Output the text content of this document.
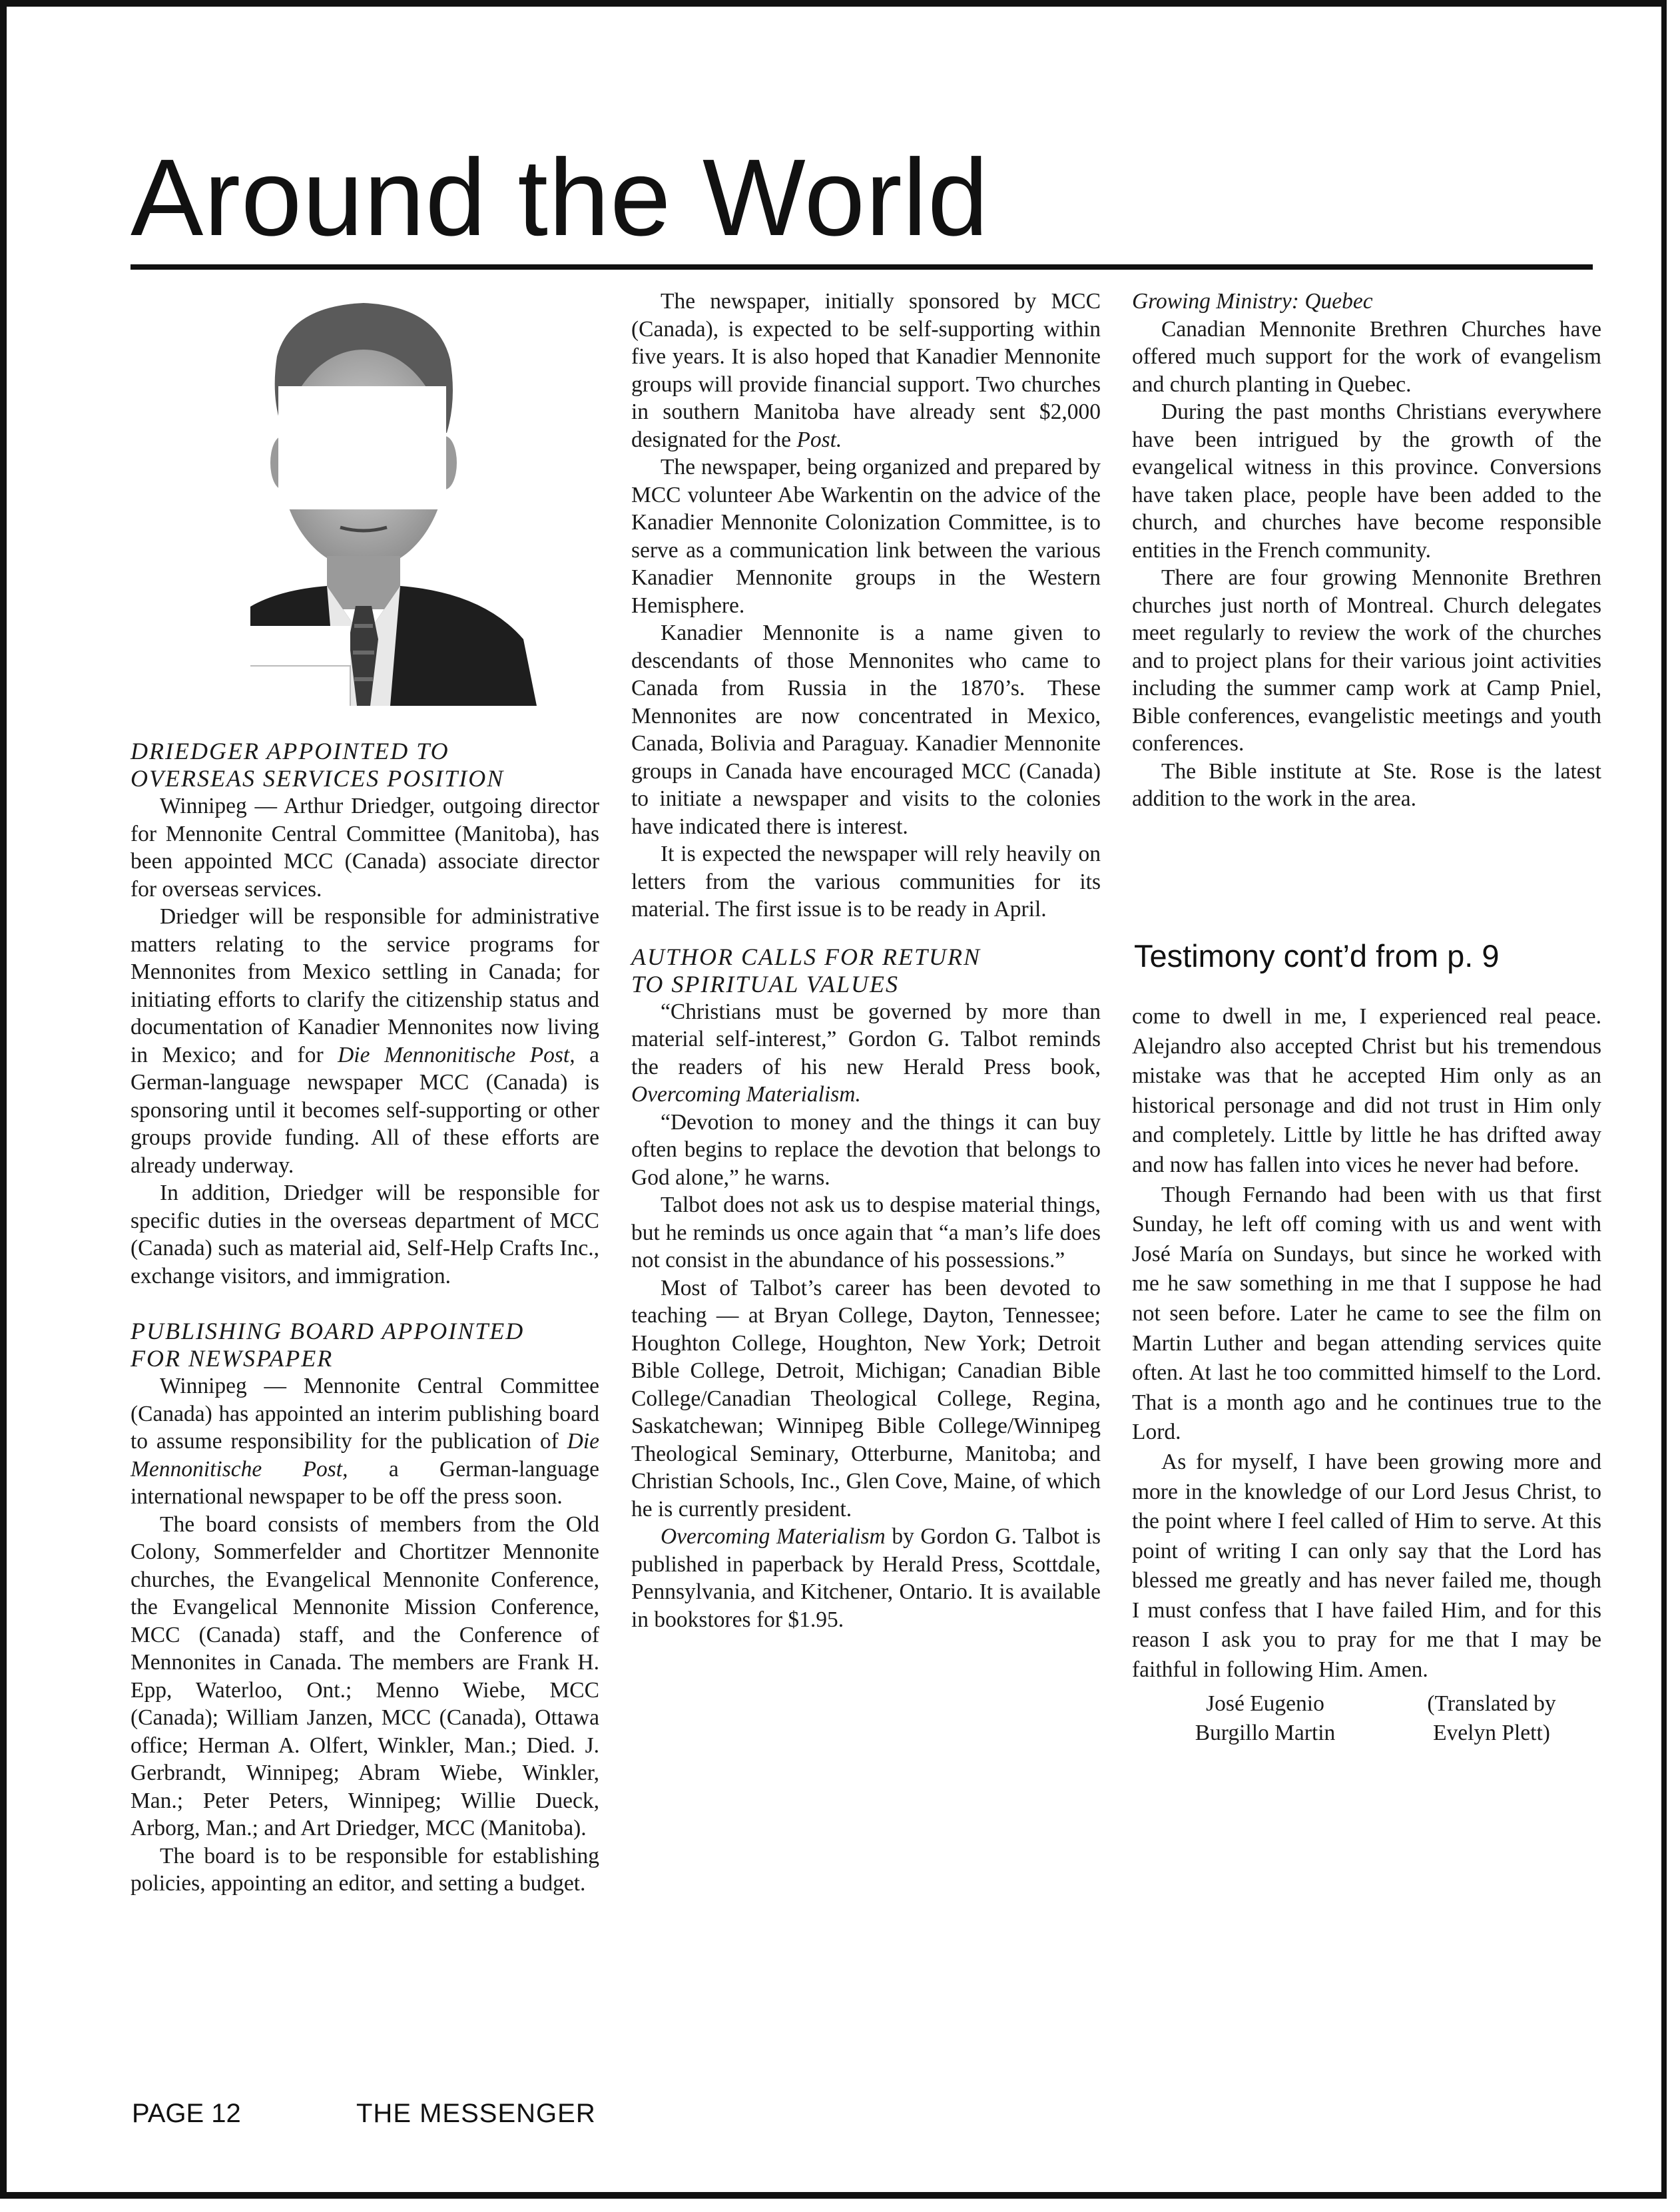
Around the World
DRIEDGER APPOINTED TO
OVERSEAS SERVICES POSITION

Winnipeg — Arthur Driedger, outgoing director for Mennonite Central Committee (Manitoba), has been appointed MCC (Canada) associate director for overseas services.

Driedger will be responsible for administrative matters relating to the service programs for Mennonites from Mexico settling in Canada; for initiating efforts to clarify the citizenship status and documentation of Kanadier Mennonites now living in Mexico; and for Die Mennonitische Post, a German-language newspaper MCC (Canada) is sponsoring until it becomes self-supporting or other groups provide funding. All of these efforts are already underway.

In addition, Driedger will be responsible for specific duties in the overseas department of MCC (Canada) such as material aid, Self-Help Crafts Inc., exchange visitors, and immigration.

PUBLISHING BOARD APPOINTED
FOR NEWSPAPER

Winnipeg — Mennonite Central Committee (Canada) has appointed an interim publishing board to assume responsibility for the publication of Die Mennonitische Post, a German-language international newspaper to be off the press soon.

The board consists of members from the Old Colony, Sommerfelder and Chortitzer Mennonite churches, the Evangelical Mennonite Conference, the Evangelical Mennonite Mission Conference, MCC (Canada) staff, and the Conference of Mennonites in Canada. The members are Frank H. Epp, Waterloo, Ont.; Menno Wiebe, MCC (Canada); William Janzen, MCC (Canada), Ottawa office; Herman A. Olfert, Winkler, Man.; Died. J. Gerbrandt, Winnipeg; Abram Wiebe, Winkler, Man.; Peter Peters, Winnipeg; Willie Dueck, Arborg, Man.; and Art Driedger, MCC (Manitoba).

The board is to be responsible for establishing policies, appointing an editor, and setting a budget.

The newspaper, initially sponsored by MCC (Canada), is expected to be self-supporting within five years. It is also hoped that Kanadier Mennonite groups will provide financial support. Two churches in southern Manitoba have already sent $2,000 designated for the Post.

The newspaper, being organized and prepared by MCC volunteer Abe Warkentin on the advice of the Kanadier Mennonite Colonization Committee, is to serve as a communication link between the various Kanadier Mennonite groups in the Western Hemisphere.

Kanadier Mennonite is a name given to descendants of those Mennonites who came to Canada from Russia in the 1870’s. These Mennonites are now concentrated in Mexico, Canada, Bolivia and Paraguay. Kanadier Mennonite groups in Canada have encouraged MCC (Canada) to initiate a newspaper and visits to the colonies have indicated there is interest.

It is expected the newspaper will rely heavily on letters from the various communities for its material. The first issue is to be ready in April.

AUTHOR CALLS FOR RETURN
TO SPIRITUAL VALUES

“Christians must be governed by more than material self-interest,” Gordon G. Talbot reminds the readers of his new Herald Press book, Overcoming Materialism.

“Devotion to money and the things it can buy often begins to replace the devotion that belongs to God alone,” he warns.

Talbot does not ask us to despise material things, but he reminds us once again that “a man’s life does not consist in the abundance of his possessions.”

Most of Talbot’s career has been devoted to teaching — at Bryan College, Dayton, Tennessee; Houghton College, Houghton, New York; Detroit Bible College, Detroit, Michigan; Canadian Bible College/Canadian Theological College, Regina, Saskatchewan; Winnipeg Bible College/Winnipeg Theological Seminary, Otterburne, Manitoba; and Christian Schools, Inc., Glen Cove, Maine, of which he is currently president.

Overcoming Materialism by Gordon G. Talbot is published in paperback by Herald Press, Scottdale, Pennsylvania, and Kitchener, Ontario. It is available in bookstores for $1.95.

Growing Ministry: Quebec

Canadian Mennonite Brethren Churches have offered much support for the work of evangelism and church planting in Quebec.

During the past months Christians everywhere have been intrigued by the growth of the evangelical witness in this province. Conversions have taken place, people have been added to the church, and churches have become responsible entities in the French community.

There are four growing Mennonite Brethren churches just north of Montreal. Church delegates meet regularly to review the work of the churches and to project plans for their various joint activities including the summer camp work at Camp Pniel, Bible conferences, evangelistic meetings and youth conferences.

The Bible institute at Ste. Rose is the latest addition to the work in the area.

Testimony cont’d from p. 9

come to dwell in me, I experienced real peace. Alejandro also accepted Christ but his tremendous mistake was that he accepted Him only as an historical personage and did not trust in Him only and completely. Little by little he has drifted away and now has fallen into vices he never had before.

Though Fernando had been with us that first Sunday, he left off coming with us and went with José María on Sundays, but since he worked with me he saw something in me that I suppose he had not seen before. Later he came to see the film on Martin Luther and began attending services quite often. At last he too committed himself to the Lord. That is a month ago and he continues true to the Lord.

As for myself, I have been growing more and more in the knowledge of our Lord Jesus Christ, to the point where I feel called of Him to serve. At this point of writing I can only say that the Lord has blessed me greatly and has never failed me, though I must confess that I have failed Him, and for this reason I ask you to pray for me that I may be faithful in following Him. Amen.

José Eugenio
Burgillo Martin
(Translated by
Evelyn Plett)
PAGE 12	THE MESSENGER
